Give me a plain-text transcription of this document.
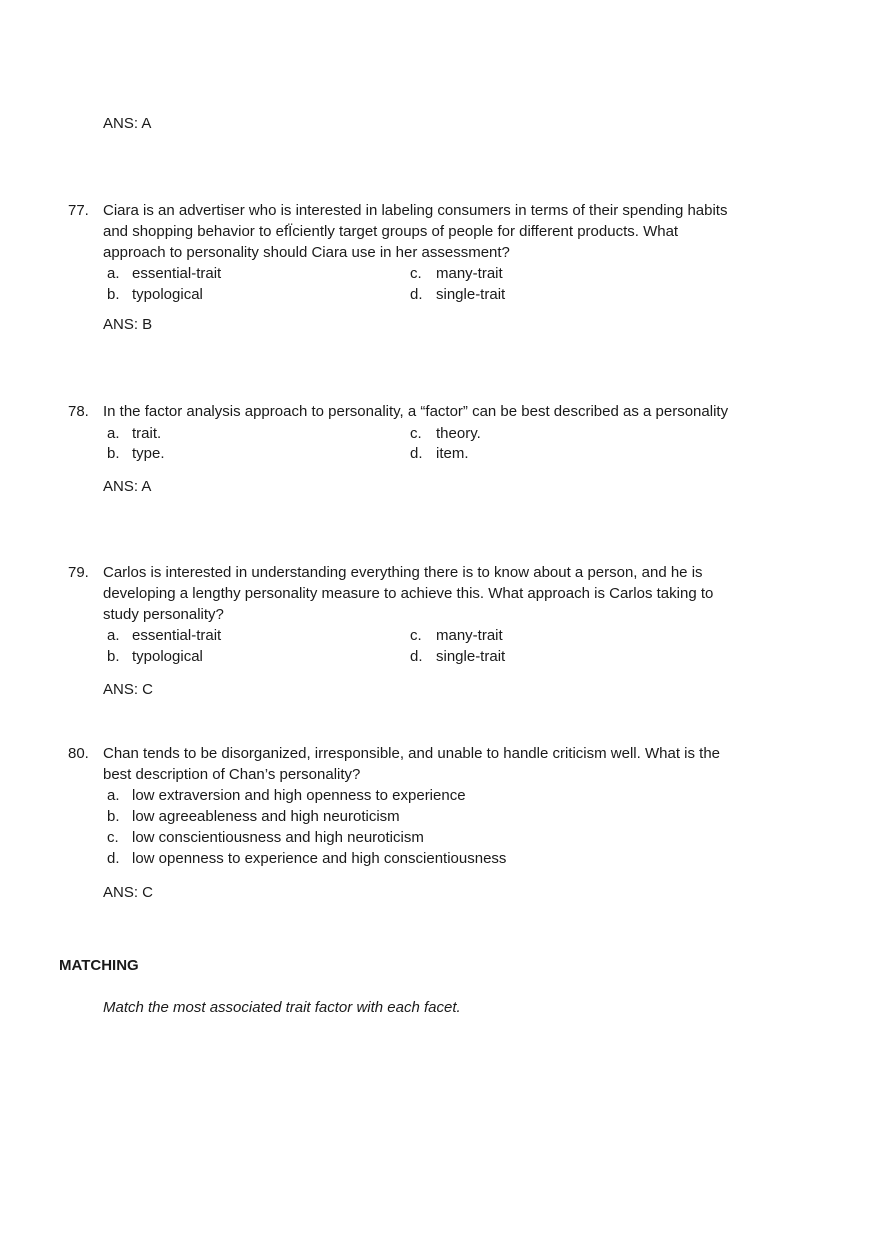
ANS: A
77. Ciara is an advertiser who is interested in labeling consumers in terms of their spending habits
and shopping behavior to efÏciently target groups of people for different products. What
approach to personality should Ciara use in her assessment?
a. essential-trait
b. typological
c. many-trait
d. single-trait
ANS: B
78. In the factor analysis approach to personality, a “factor” can be best described as a personality
a. trait.
b. type.
c. theory.
d. item.
ANS: A
79. Carlos is interested in understanding everything there is to know about a person, and he is
developing a lengthy personality measure to achieve this. What approach is Carlos taking to
study personality?
a. essential-trait
b. typological
c. many-trait
d. single-trait
ANS: C
80. Chan tends to be disorganized, irresponsible, and unable to handle criticism well. What is the
best description of Chan’s personality?
a. low extraversion and high openness to experience
b. low agreeableness and high neuroticism
c. low conscientiousness and high neuroticism
d. low openness to experience and high conscientiousness
ANS: C
MATCHING
Match the most associated trait factor with each facet.
